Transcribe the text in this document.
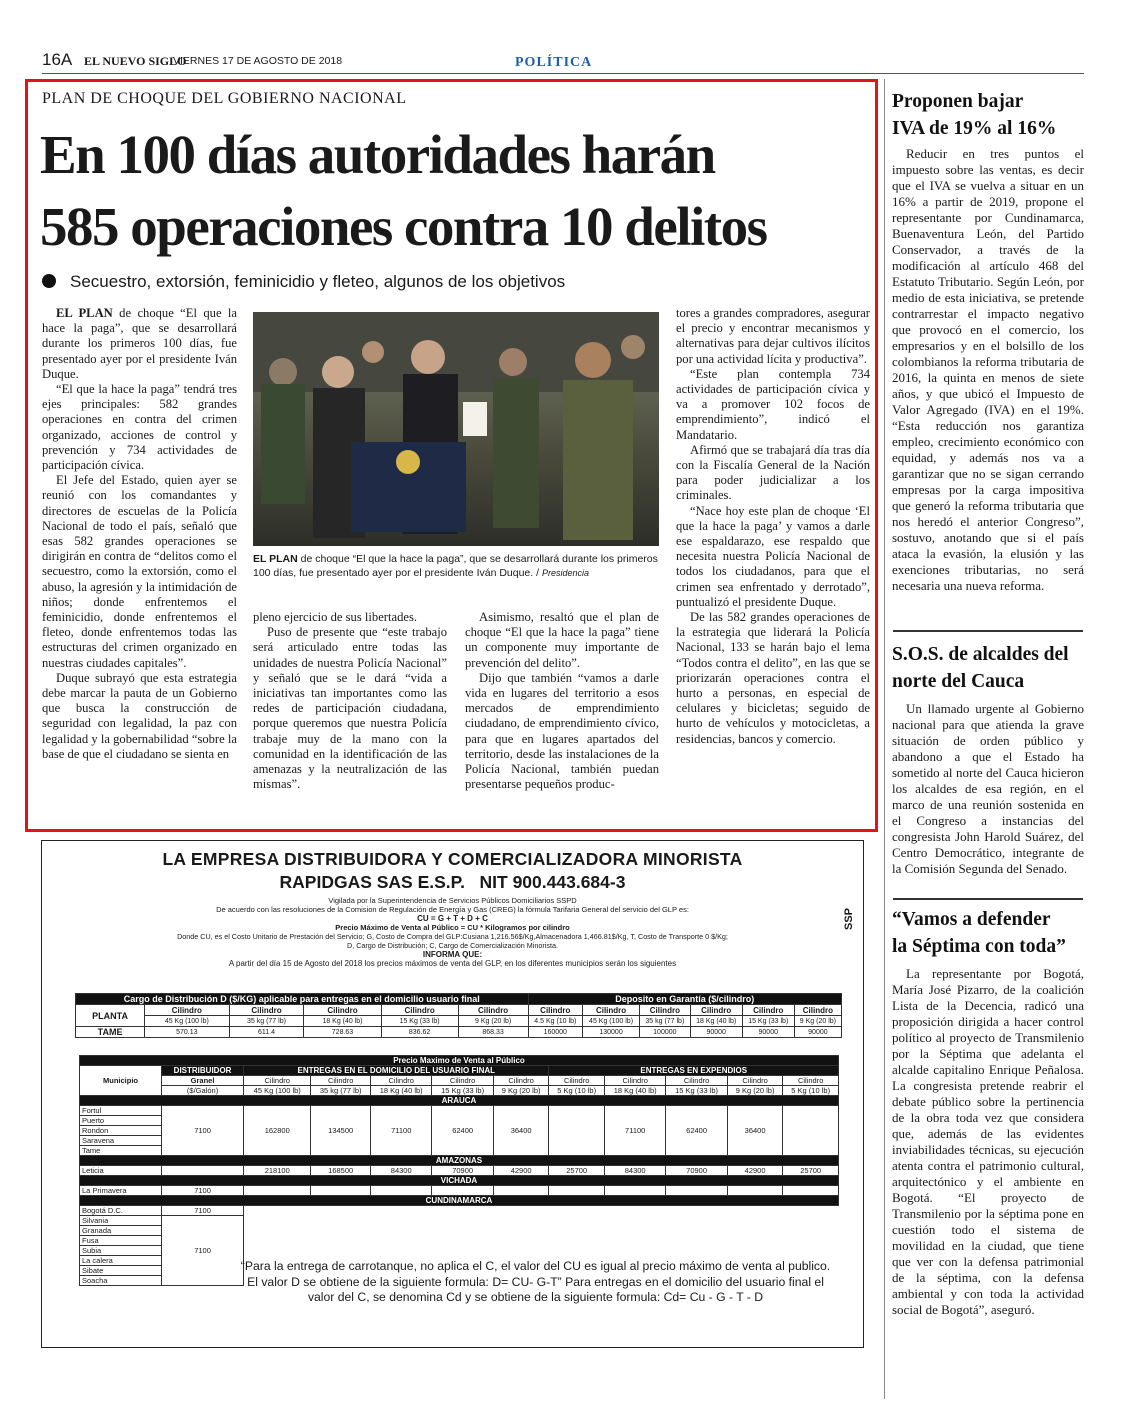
16A EL NUEVO SIGLO
VIERNES 17 DE AGOSTO DE 2018	POLÍTICA
PLAN DE CHOQUE DEL GOBIERNO NACIONAL
En 100 días autoridades harán
585 operaciones contra 10 delitos
Secuestro, extorsión, feminicidio y fleteo, algunos de los objetivos

EL PLAN de choque “El que la hace la paga”, que se desarrollará durante los primeros 100 días, fue presentado ayer por el presidente Iván Duque.

“El que la hace la paga” tendrá tres ejes principales: 582 grandes operaciones en contra del crimen organizado, acciones de control y prevención y 734 actividades de participación cívica.

El Jefe del Estado, quien ayer se reunió con los comandantes y directores de escuelas de la Policía Nacional de todo el país, señaló que esas 582 grandes operaciones se dirigirán en contra de “delitos como el secuestro, como la extorsión, como el abuso, la agresión y la intimidación de niños; donde enfrentemos el feminicidio, donde enfrentemos el fleteo, donde enfrentemos todas las estructuras del crimen organizado en nuestras ciudades capitales”.

Duque subrayó que esta estrategia debe marcar la pauta de un Gobierno que busca la construcción de seguridad con legalidad, la paz con legalidad y la gobernabilidad “sobre la base de que el ciudadano se sienta en

EL PLAN de choque “El que la hace la paga”, que se desarrollará durante los primeros 100 días, fue presentado ayer por el presidente Iván Duque. / Presidencia

pleno ejercicio de sus libertades.

Puso de presente que “este trabajo será articulado entre todas las unidades de nuestra Policía Nacional” y señaló que se le dará “vida a iniciativas tan importantes como las redes de participación ciudadana, porque queremos que nuestra Policía trabaje muy de la mano con la comunidad en la identificación de las amenazas y la neutralización de las mismas”.

Asimismo, resaltó que el plan de choque “El que la hace la paga” tiene un componente muy importante de prevención del delito”.

Dijo que también “vamos a darle vida en lugares del territorio a esos mercados de emprendimiento ciudadano, de emprendimiento cívico, para que en lugares apartados del territorio, desde las instalaciones de la Policía Nacional, también puedan presentarse pequeños produc-

tores a grandes compradores, asegurar el precio y encontrar mecanismos y alternativas para dejar cultivos ilícitos por una actividad lícita y productiva”.

“Este plan contempla 734 actividades de participación cívica y va a promover 102 focos de emprendimiento”, indicó el Mandatario.

Afirmó que se trabajará día tras día con la Fiscalía General de la Nación para poder judicializar a los criminales.

“Nace hoy este plan de choque ‘El que la hace la paga’ y vamos a darle ese espaldarazo, ese respaldo que necesita nuestra Policía Nacional de todos los ciudadanos, para que el crimen sea enfrentado y derrotado”, puntualizó el presidente Duque.

De las 582 grandes operaciones de la estrategia que liderará la Policía Nacional, 133 se harán bajo el lema “Todos contra el delito”, en las que se priorizarán operaciones contra el hurto a personas, en especial de celulares y bicicletas; seguido de hurto de vehículos y motocicletas, a residencias, bancos y comercio.

Proponen bajar
IVA de 19% al 16%

Reducir en tres puntos el impuesto sobre las ventas, es decir que el IVA se vuelva a situar en un 16% a partir de 2019, propone el representante por Cundinamarca, Buenaventura León, del Partido Conservador, a través de la modificación al artículo 468 del Estatuto Tributario. Según León, por medio de esta iniciativa, se pretende contrarrestar el impacto negativo que provocó en el comercio, los empresarios y en el bolsillo de los colombianos la reforma tributaria de 2016, la quinta en menos de siete años, y que ubicó el Impuesto de Valor Agregado (IVA) en el 19%. “Esta reducción nos garantiza empleo, crecimiento económico con equidad, y además nos va a garantizar que no se sigan cerrando empresas por la carga impositiva que generó la reforma tributaria que nos heredó el anterior Congreso”, sostuvo, anotando que si el país ataca la evasión, la elusión y las exenciones tributarias, no será necesaria una nueva reforma.

S.O.S. de alcaldes del
norte del Cauca

Un llamado urgente al Gobierno nacional para que atienda la grave situación de orden público y abandono a que el Estado ha sometido al norte del Cauca hicieron los alcaldes de esa región, en el marco de una reunión sostenida en el Congreso a instancias del congresista John Harold Suárez, del Centro Democrático, integrante de la Comisión Segunda del Senado.

“Vamos a defender
la Séptima con toda”

La representante por Bogotá, María José Pizarro, de la coalición Lista de la Decencia, radicó una proposición dirigida a hacer control político al proyecto de Transmilenio por la Séptima que adelanta el alcalde capitalino Enrique Peñalosa. La congresista pretende reabrir el debate público sobre la pertinencia de la obra toda vez que considera que, además de las evidentes inviabilidades técnicas, su ejecución atenta contra el patrimonio cultural, arquitectónico y el ambiente en Bogotá. “El proyecto de Transmilenio por la séptima pone en cuestión todo el sistema de movilidad en la ciudad, que tiene que ver con la defensa patrimonial de la séptima, con la defensa ambiental y con toda la actividad social de Bogotá”, aseguró.

LA EMPRESA DISTRIBUIDORA Y COMERCIALIZADORA MINORISTA
RAPIDGAS SAS E.S.P.   NIT 900.443.684-3
Vigilada por la Superintendencia de Servicios Públicos Domiciliarios SSPD
De acuerdo con las resoluciones de la Comision de Regulación de Energía y Gas (CREG) la fórmula Tarifaria General del servicio del GLP es:
CU = G + T + D + C
Precio Máximo de Venta al Público = CU * Kilogramos por cilindro
Donde CU, es el Costo Unitario de Prestación del Servicio; G, Costo de Compra del GLP:Cusiana 1,216.56$/Kg,Almacenadora 1,466.81$/Kg, T, Costo de Transporte 0 $/Kg;
D, Cargo de Distribución; C, Cargo de Comercialización Minorista.
INFORMA QUE:
A partir del día 15 de Agosto del 2018 los precios máximos de venta del GLP, en los diferentes municipios serán los siguientes
SSP
Cargo de Distribución D ($/KG) aplicable para entregas en el domicilio usuario final						Deposito en Garantía ($/cilindro)					
PLANTA	Cilindro	Cilindro	Cilindro	Cilindro	Cilindro	Cilindro	Cilindro	Cilindro	Cilindro	Cilindro	Cilindro
	45 Kg (100 lb)	35 kg (77 lb)	18 Kg (40 lb)	15 Kg (33 lb)	9 Kg (20 lb)	4.5 Kg (10 lb)	45 Kg (100 lb)	35 kg (77 lb)	18 Kg (40 lb)	15 Kg (33 lb)	9 Kg (20 lb)
TAME	570.13	611.4	728.63	836.62	868.33	160000	130000	100000	90000	90000	90000
Precio Maximo de Venta al Público											
Municipio	DISTRIBUIDOR	ENTREGAS EN EL DOMICILIO DEL USUARIO FINAL					ENTREGAS EN EXPENDIOS				
	Granel	Cilindro	Cilindro	Cilindro	Cilindro	Cilindro	Cilindro	Cilindro	Cilindro	Cilindro	Cilindro
	($/Galón)	45 Kg (100 lb)	35 kg (77 lb)	18 Kg (40 lb)	15 Kg (33 lb)	9 Kg (20 lb)	5 Kg (10 lb)	18 Kg (40 lb)	15 Kg (33 lb)	9 Kg (20 lb)	5 Kg (10 lb)
ARAUCA											
Fortul	7100	162800	134500	71100	62400	36400		71100	62400	36400	
Puerto											
Rondon											
Saravena											
Tame											
AMAZONAS											
Leticia		218100	168500	84300	70900	42900	25700	84300	70900	42900	25700
VICHADA											
La Primavera	7100										
CUNDINAMARCA											
Bogotá D.C.	7100										
Silvania	7100										
Granada											
Fusa											
Subia											
La calera											
Sibate											
Soacha											
“Para la entrega de carrotanque, no aplica el C, el valor del CU es igual al precio máximo de venta al publico. El valor D se obtiene de la siguiente formula: D= CU- G-T” Para entregas en el domicilio del usuario final el valor del C, se denomina Cd y se obtiene de la siguiente formula: Cd= Cu - G - T - D
